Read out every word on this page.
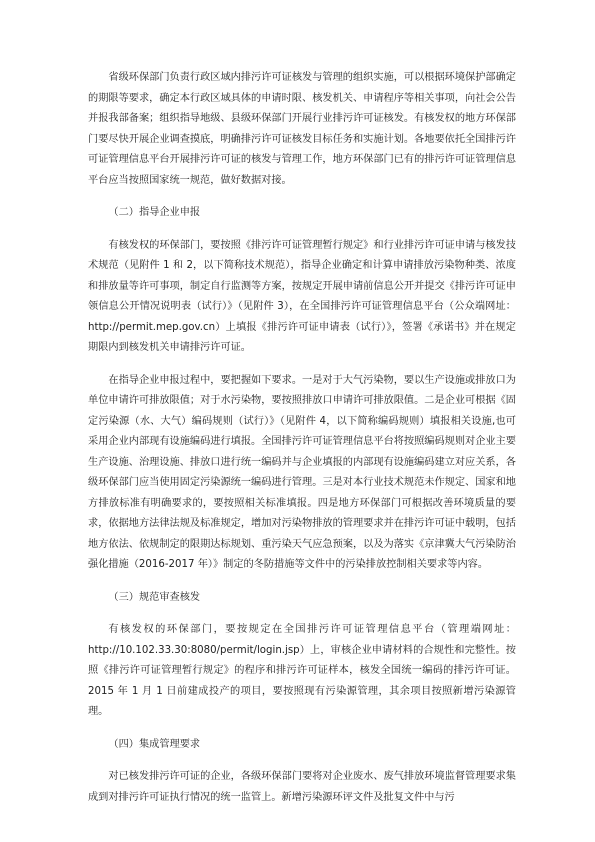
省级环保部门负责行政区域内排污许可证核发与管理的组织实施，可以根据环境保护部确定的期限等要求，确定本行政区域具体的申请时限、核发机关、申请程序等相关事项，向社会公告并报我部备案；组织指导地级、县级环保部门开展行业排污许可证核发。有核发权的地方环保部门要尽快开展企业调查摸底，明确排污许可证核发目标任务和实施计划。各地要依托全国排污许可证管理信息平台开展排污许可证的核发与管理工作，地方环保部门已有的排污许可证管理信息平台应当按照国家统一规范，做好数据对接。

（二）指导企业申报

有核发权的环保部门，要按照《排污许可证管理暂行规定》和行业排污许可证申请与核发技术规范（见附件 1 和 2，以下简称技术规范），指导企业确定和计算申请排放污染物种类、浓度和排放量等许可事项，制定自行监测等方案，按规定开展申请前信息公开并提交《排污许可证申领信息公开情况说明表（试行）》（见附件 3），在全国排污许可证管理信息平台（公众端网址：http://permit.mep.gov.cn）上填报《排污许可证申请表（试行）》，签署《承诺书》并在规定期限内到核发机关申请排污许可证。

在指导企业申报过程中，要把握如下要求。一是对于大气污染物，要以生产设施或排放口为单位申请许可排放限值；对于水污染物，要按照排放口申请许可排放限值。二是企业可根据《固定污染源（水、大气）编码规则（试行）》（见附件 4，以下简称编码规则）填报相关设施,也可采用企业内部现有设施编码进行填报。全国排污许可证管理信息平台将按照编码规则对企业主要生产设施、治理设施、排放口进行统一编码并与企业填报的内部现有设施编码建立对应关系，各级环保部门应当使用固定污染源统一编码进行管理。三是对本行业技术规范未作规定、国家和地方排放标准有明确要求的，要按照相关标准填报。四是地方环保部门可根据改善环境质量的要求，依据地方法律法规及标准规定，增加对污染物排放的管理要求并在排污许可证中载明，包括地方依法、依规制定的限期达标规划、重污染天气应急预案，以及为落实《京津冀大气污染防治强化措施（2016-2017 年）》制定的冬防措施等文件中的污染排放控制相关要求等内容。

（三）规范审查核发

有核发权的环保部门，要按规定在全国排污许可证管理信息平台（管理端网址：http://10.102.33.30:8080/permit/login.jsp）上，审核企业申请材料的合规性和完整性。按照《排污许可证管理暂行规定》的程序和排污许可证样本，核发全国统一编码的排污许可证。2015 年 1 月 1 日前建成投产的项目，要按照现有污染源管理，其余项目按照新增污染源管理。

（四）集成管理要求

对已核发排污许可证的企业，各级环保部门要将对企业废水、废气排放环境监督管理要求集成到对排污许可证执行情况的统一监管上。新增污染源环评文件及批复文件中与污
